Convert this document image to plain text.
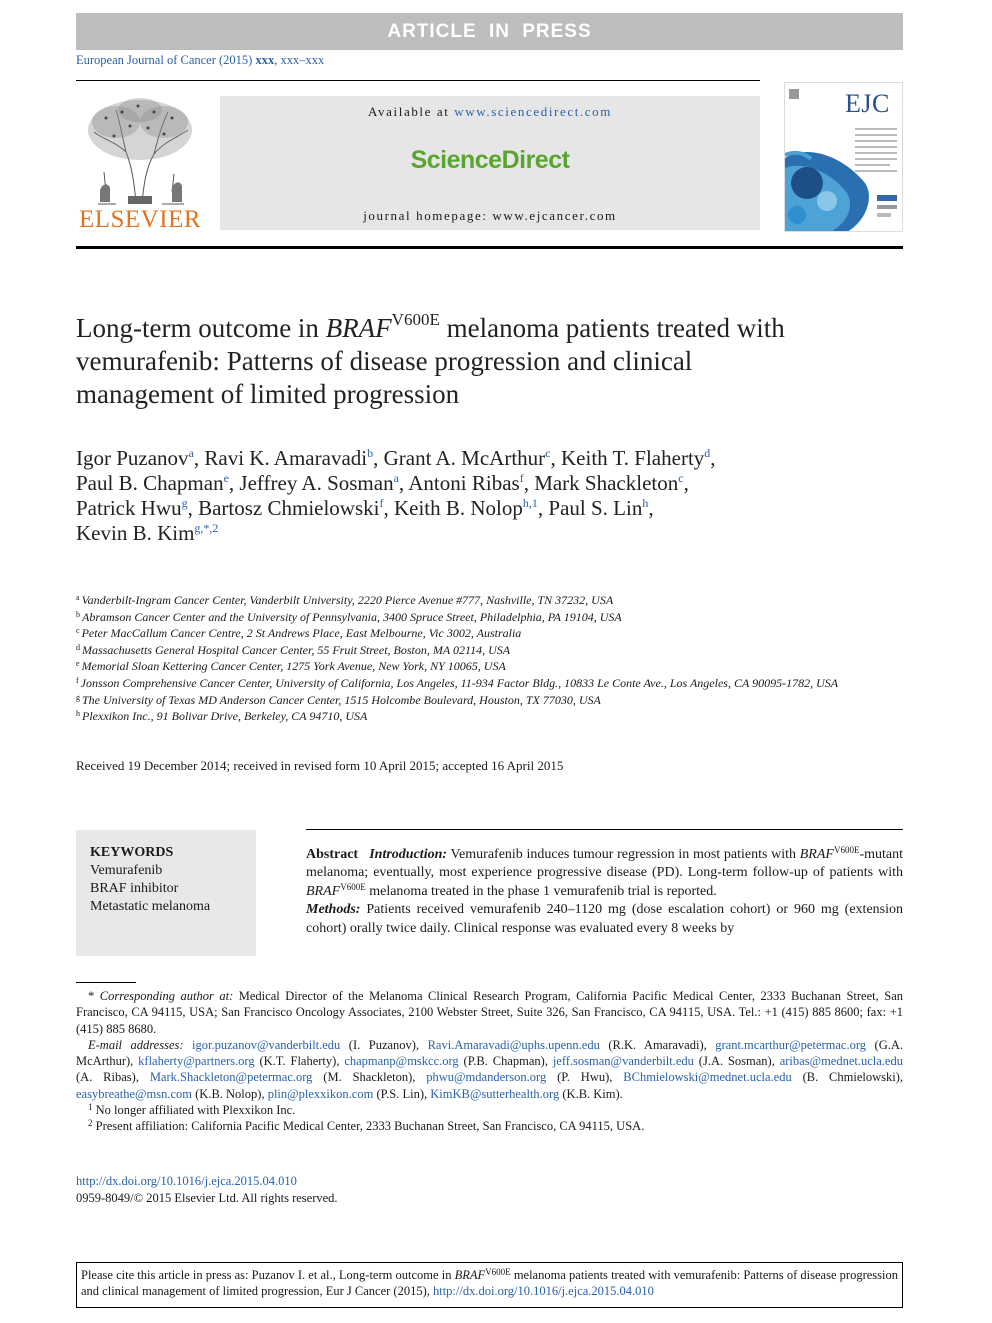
ARTICLE IN PRESS
European Journal of Cancer (2015) xxx, xxx–xxx
ELSEVIER
Available at www.sciencedirect.com
ScienceDirect
journal homepage: www.ejcancer.com
EJC
Long-term outcome in $BRAF^{V600E}$ melanoma patients treated with vemurafenib: Patterns of disease progression and clinical management of limited progression
Igor Puzanov$^a$, Ravi K. Amaravadi$^b$, Grant A. McArthur$^c$, Keith T. Flaherty$^d$,
Paul B. Chapman$^e$, Jeffrey A. Sosman$^a$, Antoni Ribas$^f$, Mark Shackleton$^c$,
Patrick Hwu$^g$, Bartosz Chmielowski$^f$, Keith B. Nolop$^{h,1}$, Paul S. Lin$^h$,
Kevin B. Kim$^{g,*,2}$
$^a$ Vanderbilt-Ingram Cancer Center, Vanderbilt University, 2220 Pierce Avenue #777, Nashville, TN 37232, USA
$^b$ Abramson Cancer Center and the University of Pennsylvania, 3400 Spruce Street, Philadelphia, PA 19104, USA
$^c$ Peter MacCallum Cancer Centre, 2 St Andrews Place, East Melbourne, Vic 3002, Australia
$^d$ Massachusetts General Hospital Cancer Center, 55 Fruit Street, Boston, MA 02114, USA
$^e$ Memorial Sloan Kettering Cancer Center, 1275 York Avenue, New York, NY 10065, USA
$^f$ Jonsson Comprehensive Cancer Center, University of California, Los Angeles, 11-934 Factor Bldg., 10833 Le Conte Ave., Los Angeles, CA 90095-1782, USA
$^g$ The University of Texas MD Anderson Cancer Center, 1515 Holcombe Boulevard, Houston, TX 77030, USA
$^h$ Plexxikon Inc., 91 Bolivar Drive, Berkeley, CA 94710, USA
Received 19 December 2014; received in revised form 10 April 2015; accepted 16 April 2015
KEYWORDS
Vemurafenib
BRAF inhibitor
Metastatic melanoma
Abstract Introduction: Vemurafenib induces tumour regression in most patients with $BRAF^{V600E}$-mutant melanoma; eventually, most experience progressive disease (PD). Long-term follow-up of patients with $BRAF^{V600E}$ melanoma treated in the phase 1 vemurafenib trial is reported.
Methods: Patients received vemurafenib 240–1120 mg (dose escalation cohort) or 960 mg (extension cohort) orally twice daily. Clinical response was evaluated every 8 weeks by
* Corresponding author at: Medical Director of the Melanoma Clinical Research Program, California Pacific Medical Center, 2333 Buchanan Street, San Francisco, CA 94115, USA; San Francisco Oncology Associates, 2100 Webster Street, Suite 326, San Francisco, CA 94115, USA. Tel.: +1 (415) 885 8600; fax: +1 (415) 885 8680.
E-mail addresses: igor.puzanov@vanderbilt.edu (I. Puzanov), Ravi.Amaravadi@uphs.upenn.edu (R.K. Amaravadi), grant.mcarthur@petermac.org (G.A. McArthur), kflaherty@partners.org (K.T. Flaherty), chapmanp@mskcc.org (P.B. Chapman), jeff.sosman@vanderbilt.edu (J.A. Sosman), aribas@mednet.ucla.edu (A. Ribas), Mark.Shackleton@petermac.org (M. Shackleton), phwu@mdanderson.org (P. Hwu), BChmielowski@mednet.ucla.edu (B. Chmielowski), easybreathe@msn.com (K.B. Nolop), plin@plexxikon.com (P.S. Lin), KimKB@sutterhealth.org (K.B. Kim).
$^1$ No longer affiliated with Plexxikon Inc.
$^2$ Present affiliation: California Pacific Medical Center, 2333 Buchanan Street, San Francisco, CA 94115, USA.
http://dx.doi.org/10.1016/j.ejca.2015.04.010
0959-8049/© 2015 Elsevier Ltd. All rights reserved.
Please cite this article in press as: Puzanov I. et al., Long-term outcome in $BRAF^{V600E}$ melanoma patients treated with vemurafenib: Patterns of disease progression and clinical management of limited progression, Eur J Cancer (2015), http://dx.doi.org/10.1016/j.ejca.2015.04.010
